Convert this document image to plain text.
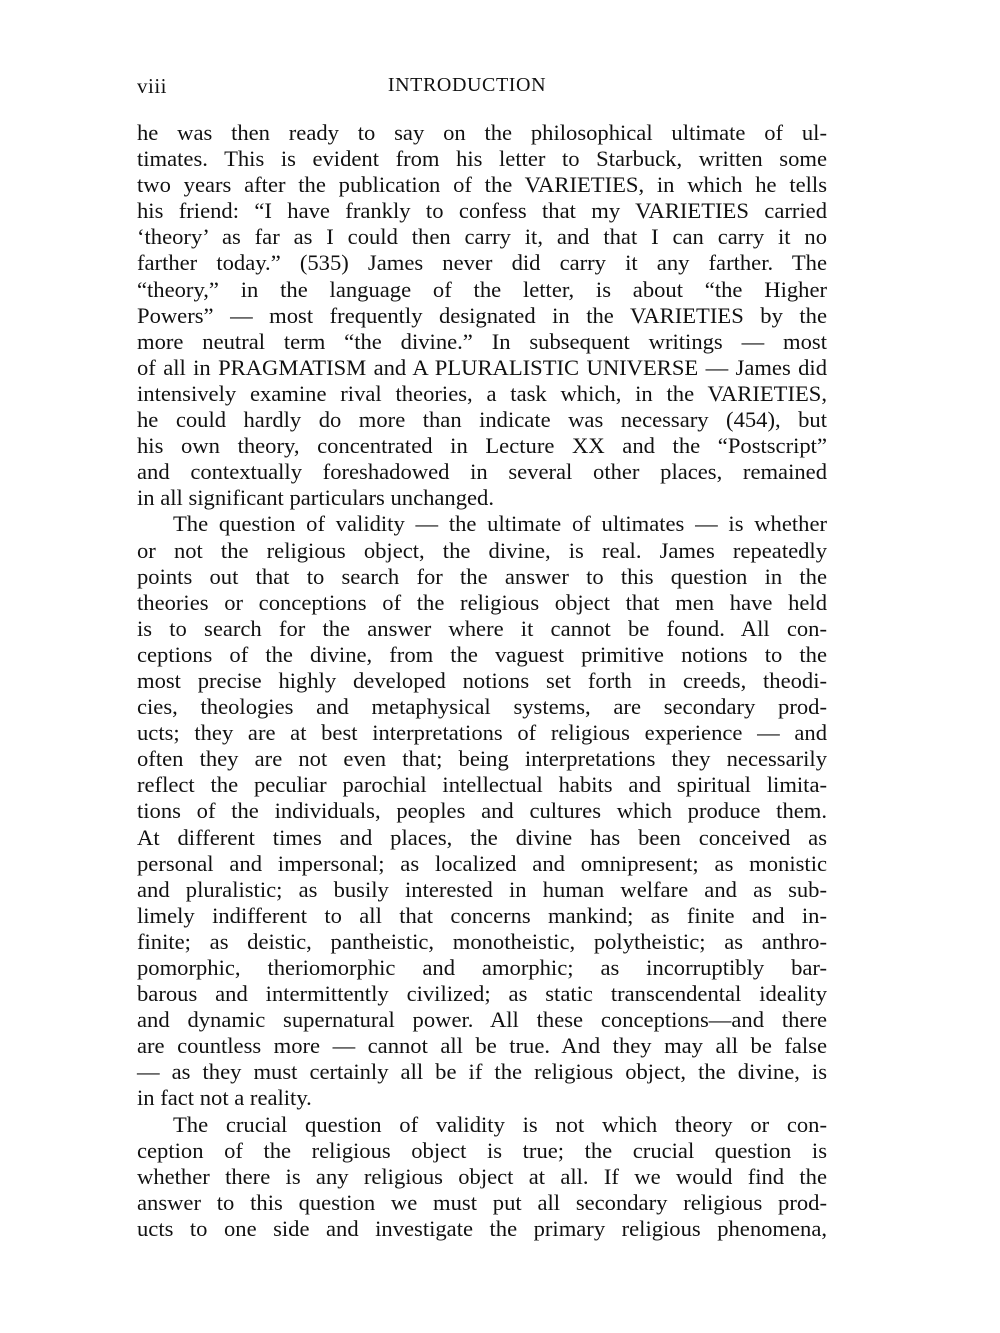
viii	INTRODUCTION
he was then ready to say on the philosophical ultimate of ul-
timates. This is evident from his letter to Starbuck, written some
two years after the publication of the VARIETIES, in which he tells
his friend: “I have frankly to confess that my VARIETIES carried
‘theory’ as far as I could then carry it, and that I can carry it no
farther today.” (535) James never did carry it any farther. The
“theory,” in the language of the letter, is about “the Higher
Powers” — most frequently designated in the VARIETIES by the
more neutral term “the divine.” In subsequent writings — most
of all in PRAGMATISM and A PLURALISTIC UNIVERSE — James did
intensively examine rival theories, a task which, in the VARIETIES,
he could hardly do more than indicate was necessary (454), but
his own theory, concentrated in Lecture XX and the “Postscript”
and contextually foreshadowed in several other places, remained
in all significant particulars unchanged.
The question of validity — the ultimate of ultimates — is whether
or not the religious object, the divine, is real. James repeatedly
points out that to search for the answer to this question in the
theories or conceptions of the religious object that men have held
is to search for the answer where it cannot be found. All con-
ceptions of the divine, from the vaguest primitive notions to the
most precise highly developed notions set forth in creeds, theodi-
cies, theologies and metaphysical systems, are secondary prod-
ucts; they are at best interpretations of religious experience — and
often they are not even that; being interpretations they necessarily
reflect the peculiar parochial intellectual habits and spiritual limita-
tions of the individuals, peoples and cultures which produce them.
At different times and places, the divine has been conceived as
personal and impersonal; as localized and omnipresent; as monistic
and pluralistic; as busily interested in human welfare and as sub-
limely indifferent to all that concerns mankind; as finite and in-
finite; as deistic, pantheistic, monotheistic, polytheistic; as anthro-
pomorphic, theriomorphic and amorphic; as incorruptibly bar-
barous and intermittently civilized; as static transcendental ideality
and dynamic supernatural power. All these conceptions—and there
are countless more — cannot all be true. And they may all be false
— as they must certainly all be if the religious object, the divine, is
in fact not a reality.
The crucial question of validity is not which theory or con-
ception of the religious object is true; the crucial question is
whether there is any religious object at all. If we would find the
answer to this question we must put all secondary religious prod-
ucts to one side and investigate the primary religious phenomena,
